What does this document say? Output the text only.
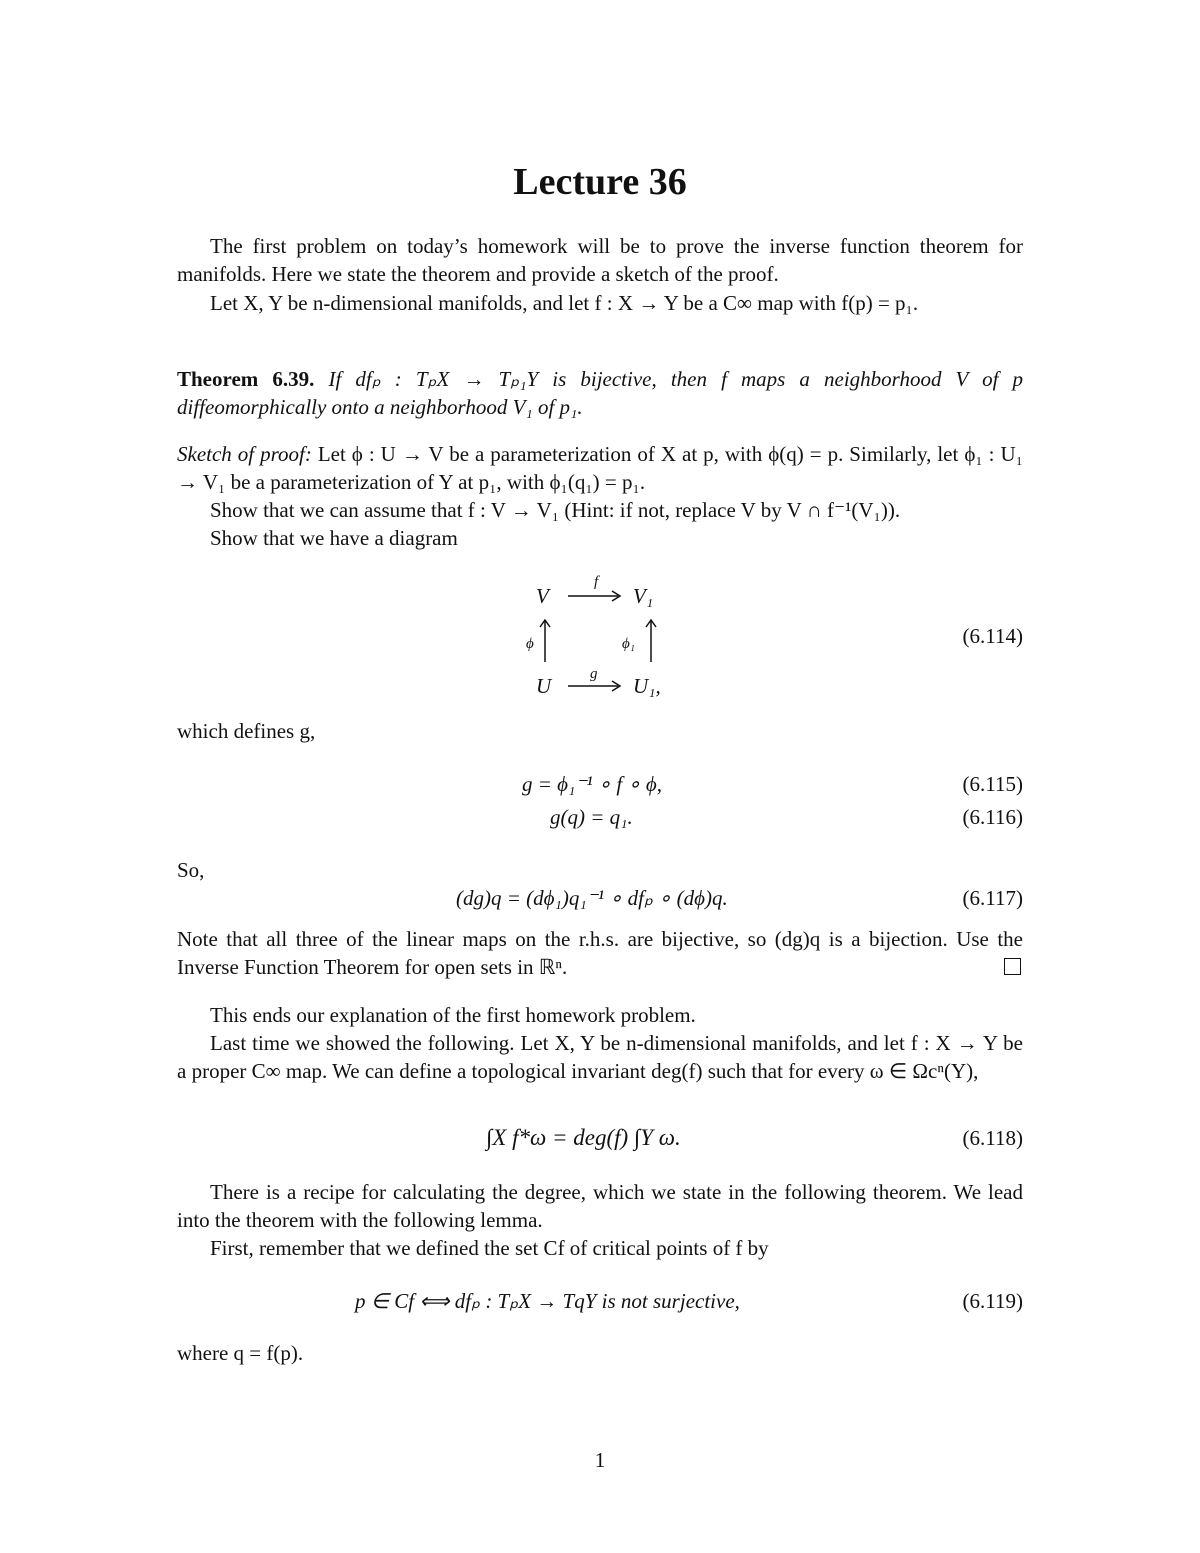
Lecture 36
The first problem on today’s homework will be to prove the inverse function theorem for manifolds. Here we state the theorem and provide a sketch of the proof.
Let X, Y be n-dimensional manifolds, and let f : X → Y be a C∞ map with f(p) = p₁.
Theorem 6.39. If dfₚ : TₚX → Tₚ₁Y is bijective, then f maps a neighborhood V of p diffeomorphically onto a neighborhood V₁ of p₁.
Sketch of proof: Let ϕ : U → V be a parameterization of X at p, with ϕ(q) = p. Similarly, let ϕ₁ : U₁ → V₁ be a parameterization of Y at p₁, with ϕ₁(q₁) = p₁.
Show that we can assume that f : V → V₁ (Hint: if not, replace V by V ∩ f⁻¹(V₁)).
Show that we have a diagram
V
f
V₁
ϕ	ϕ₁
U	g U₁,
(6.114)
which defines g,
g = ϕ₁⁻¹ ∘ f ∘ ϕ,	(6.115)
g(q) = q₁.	(6.116)
So,
(dg)q = (dϕ₁)q₁⁻¹ ∘ dfₚ ∘ (dϕ)q.	(6.117)
Note that all three of the linear maps on the r.h.s. are bijective, so (dg)q is a bijection. Use the Inverse Function Theorem for open sets in ℝⁿ.
This ends our explanation of the first homework problem.
Last time we showed the following. Let X, Y be n-dimensional manifolds, and let f : X → Y be a proper C∞ map. We can define a topological invariant deg(f) such that for every ω ∈ Ωcⁿ(Y),
∫X f*ω = deg(f) ∫Y ω.	(6.118)
There is a recipe for calculating the degree, which we state in the following theorem. We lead into the theorem with the following lemma.
First, remember that we defined the set Cf of critical points of f by
p ∈ Cf ⟺ dfₚ : TₚX → TqY is not surjective,	(6.119)
where q = f(p).
1
